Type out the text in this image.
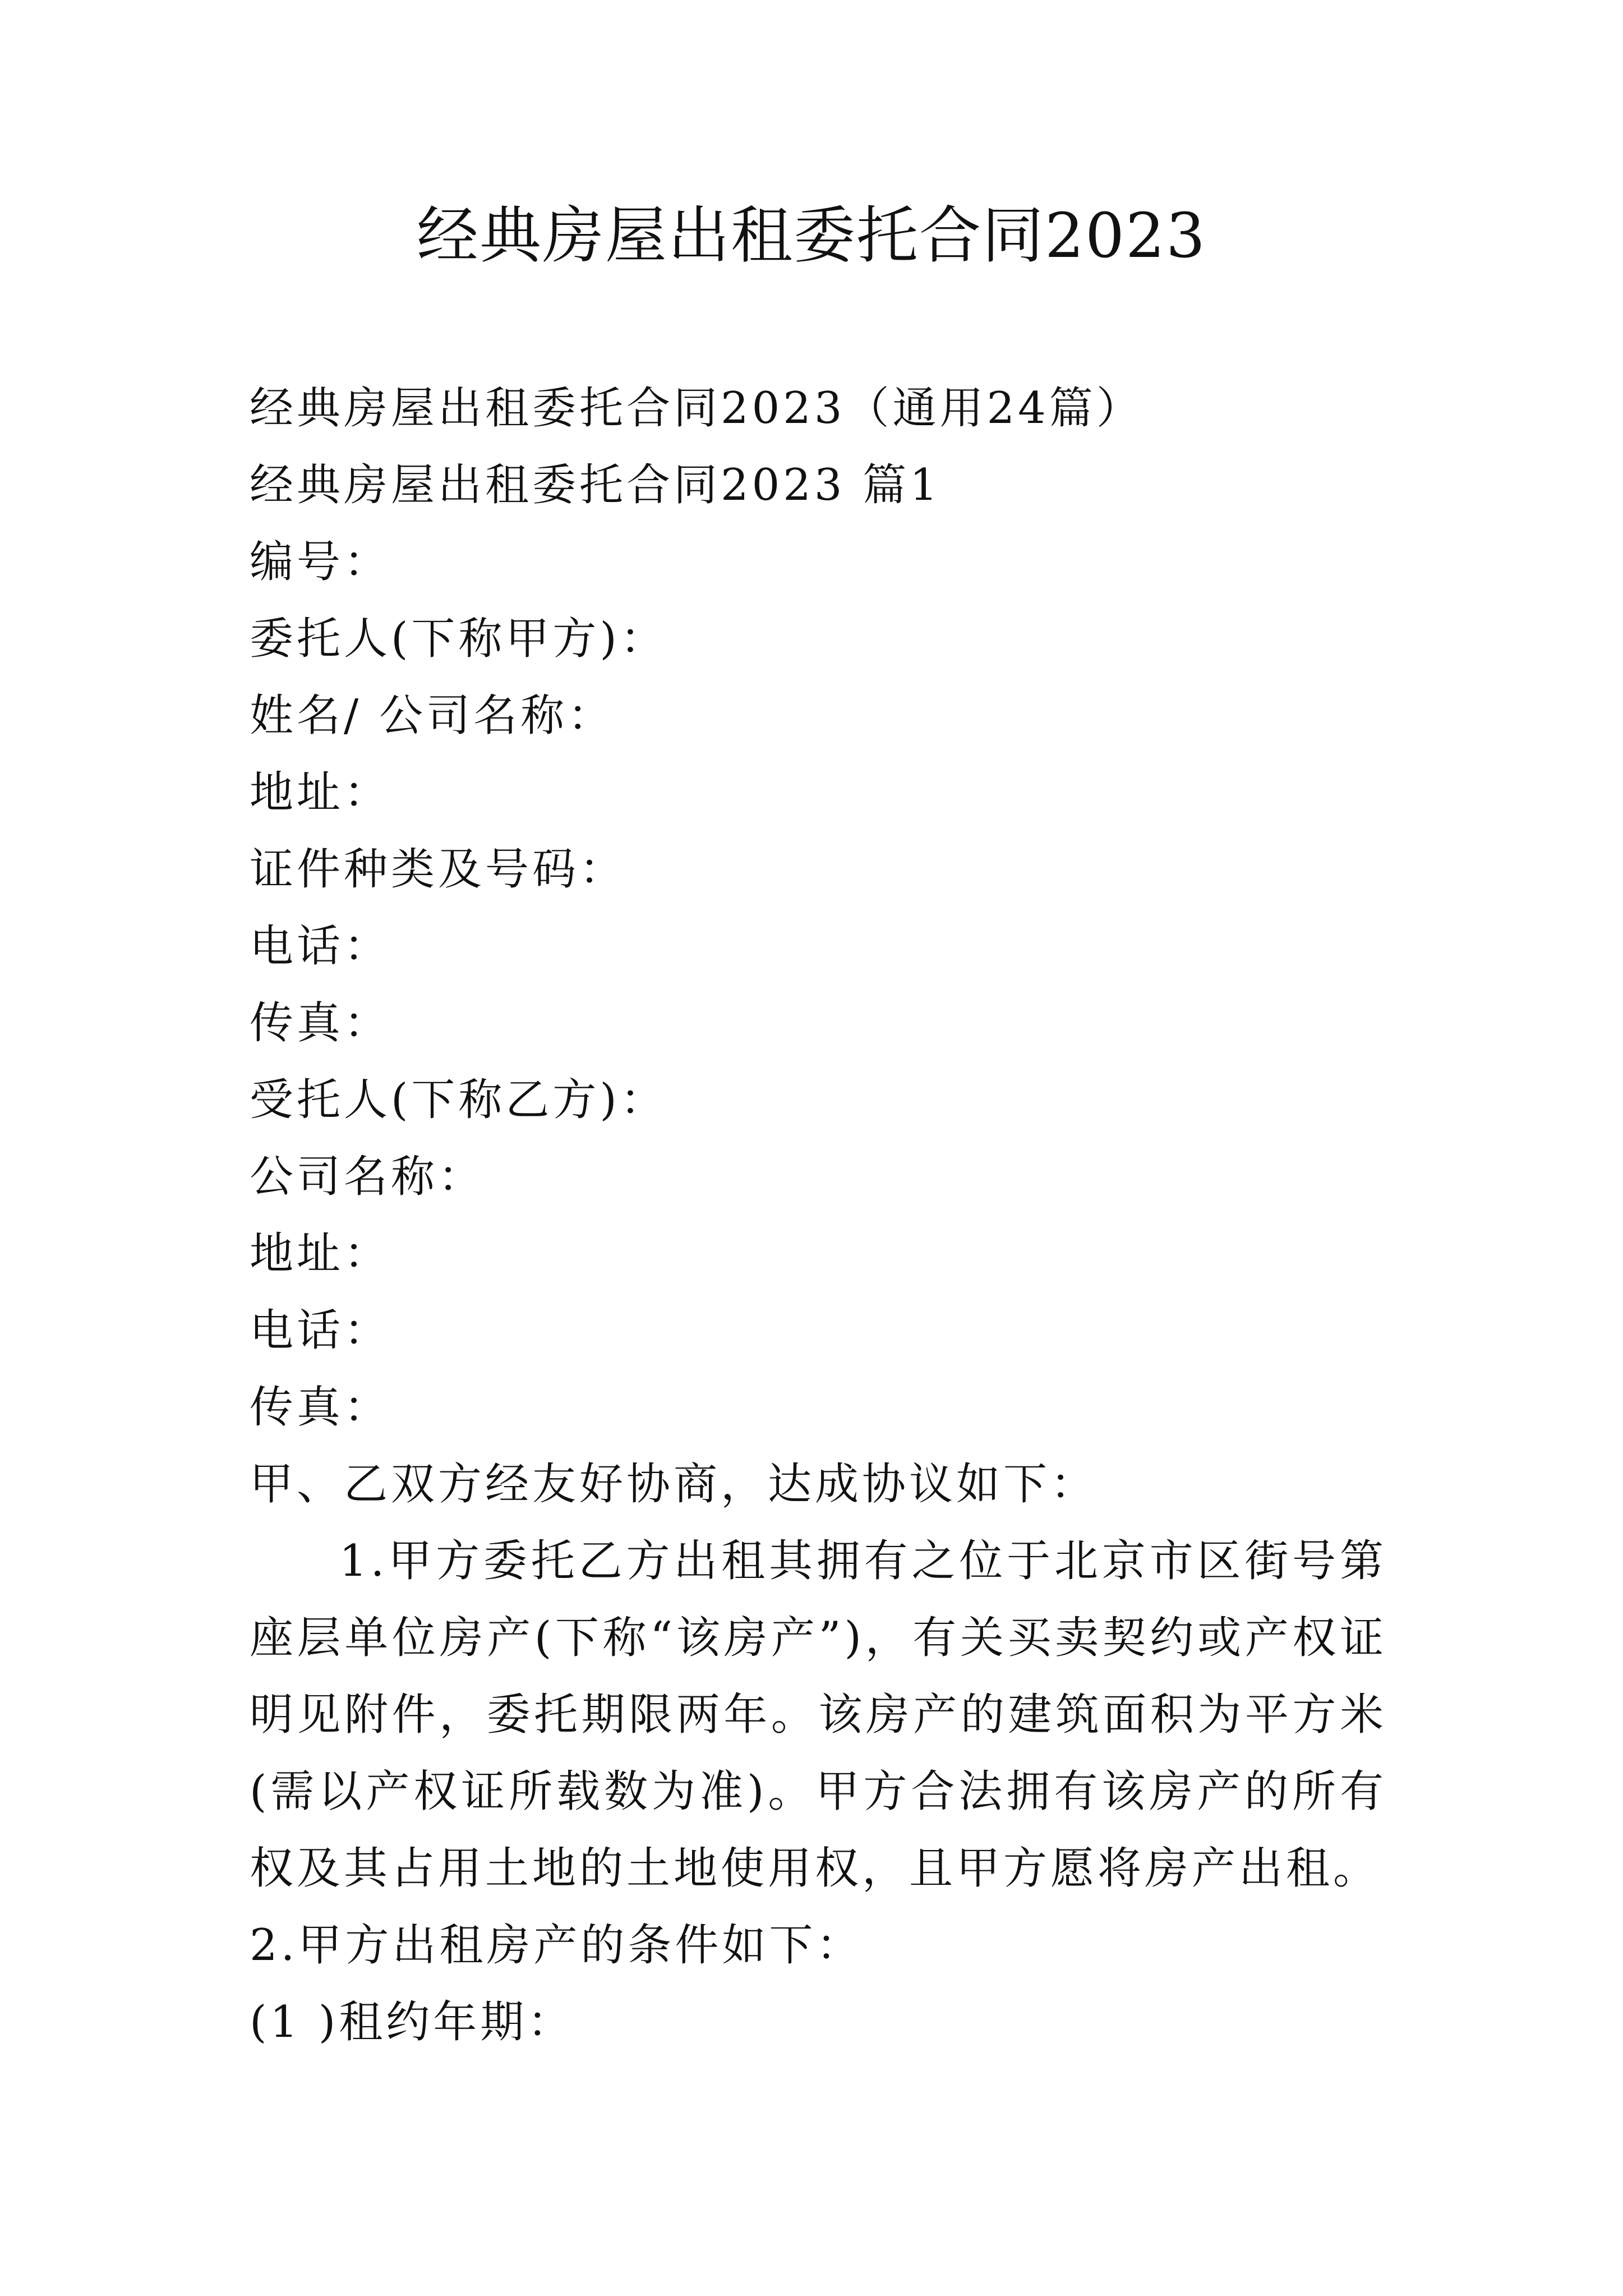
经典房屋出租委托合同2023

经典房屋出租委托合同2023（通用24篇）

经典房屋出租委托合同2023 篇1

编号：

委托人(下称甲方)：

姓名/ 公司名称：

地址：

证件种类及号码：

电话：

传真：

受托人(下称乙方)：

公司名称：

地址：

电话：

传真：

甲、乙双方经友好协商，达成协议如下：

1.甲方委托乙方出租其拥有之位于北京市区街号第座层单位房产(下称“该房产”)，有关买卖契约或产权证明见附件，委托期限两年。该房产的建筑面积为平方米(需以产权证所载数为准)。甲方合法拥有该房产的所有权及其占用土地的土地使用权，且甲方愿将房产出租。

2.甲方出租房产的条件如下：

(1 )租约年期：
